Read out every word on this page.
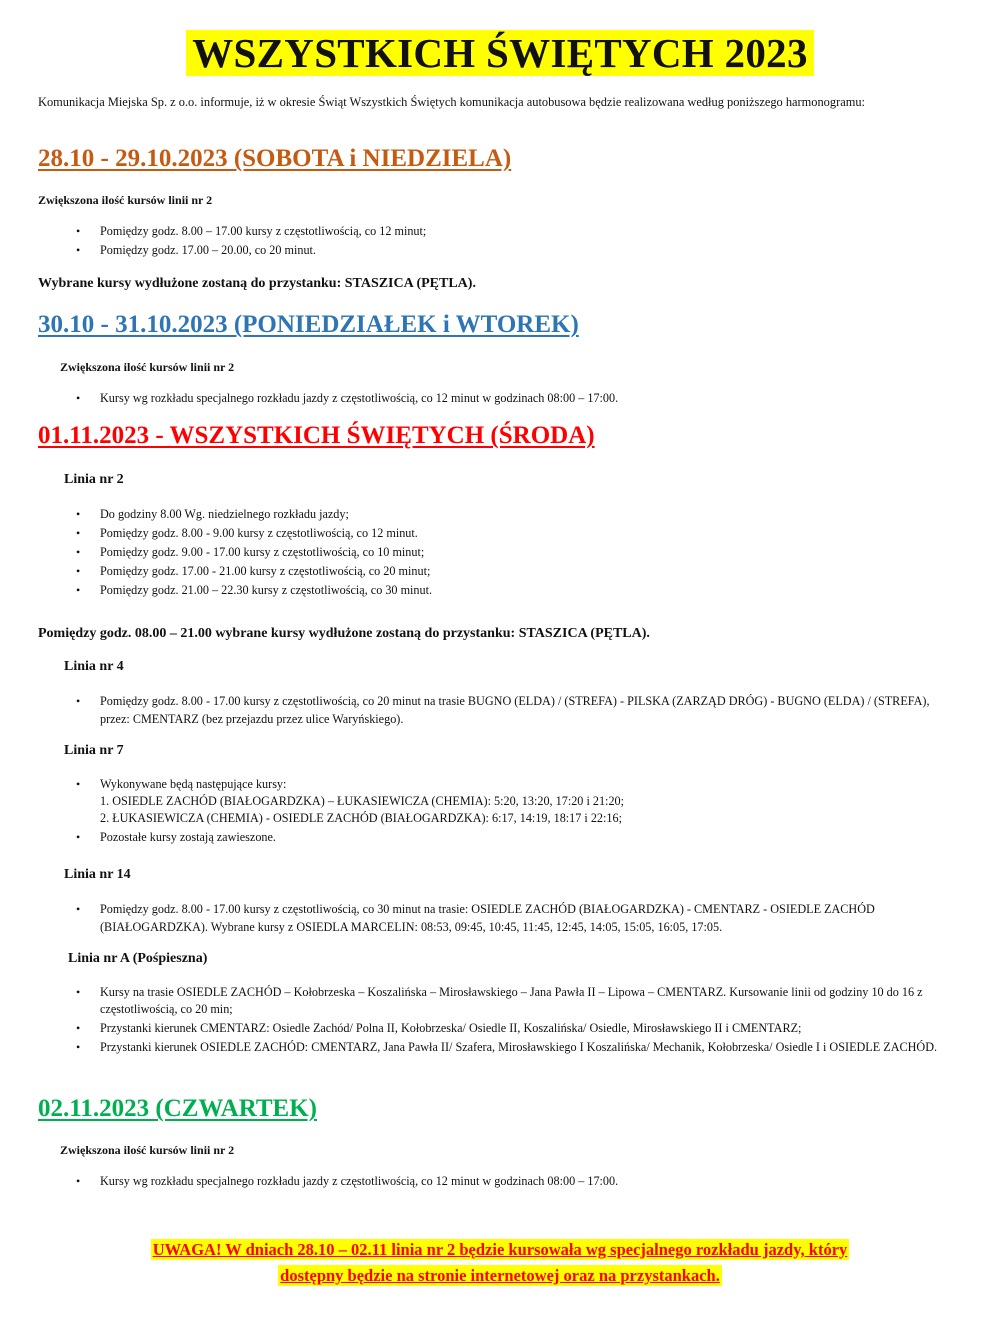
WSZYSTKICH ŚWIĘTYCH 2023
Komunikacja Miejska Sp. z o.o. informuje, iż w okresie Świąt Wszystkich Świętych komunikacja autobusowa będzie realizowana według poniższego harmonogramu:
28.10 - 29.10.2023 (SOBOTA i NIEDZIELA)
Zwiększona ilość kursów linii nr 2
• Pomiędzy godz. 8.00 – 17.00 kursy z częstotliwością, co 12 minut;
• Pomiędzy godz. 17.00 – 20.00, co 20 minut.
Wybrane kursy wydłużone zostaną do przystanku: STASZICA (PĘTLA).
30.10 - 31.10.2023 (PONIEDZIAŁEK i WTOREK)
Zwiększona ilość kursów linii nr 2
• Kursy wg rozkładu specjalnego rozkładu jazdy z częstotliwością, co 12 minut w godzinach 08:00 – 17:00.
01.11.2023 - WSZYSTKICH ŚWIĘTYCH (ŚRODA)
Linia nr 2
• Do godziny 8.00 Wg. niedzielnego rozkładu jazdy;
• Pomiędzy godz. 8.00 - 9.00 kursy z częstotliwością, co 12 minut.
• Pomiędzy godz. 9.00 - 17.00 kursy z częstotliwością, co 10 minut;
• Pomiędzy godz. 17.00 - 21.00 kursy z częstotliwością, co 20 minut;
• Pomiędzy godz. 21.00 – 22.30 kursy z częstotliwością, co 30 minut.
Pomiędzy godz. 08.00 – 21.00 wybrane kursy wydłużone zostaną do przystanku: STASZICA (PĘTLA).
Linia nr 4
• Pomiędzy godz. 8.00 - 17.00 kursy z częstotliwością, co 20 minut na trasie BUGNO (ELDA) / (STREFA) - PILSKA (ZARZĄD DRÓG) - BUGNO (ELDA) / (STREFA), przez: CMENTARZ (bez przejazdu przez ulice Waryńskiego).
Linia nr 7
• Wykonywane będą następujące kursy:
1. OSIEDLE ZACHÓD (BIAŁOGARDZKA) – ŁUKASIEWICZA (CHEMIA): 5:20, 13:20, 17:20 i 21:20;
2. ŁUKASIEWICZA (CHEMIA) - OSIEDLE ZACHÓD (BIAŁOGARDZKA): 6:17, 14:19, 18:17 i 22:16;
• Pozostałe kursy zostają zawieszone.
Linia nr 14
• Pomiędzy godz. 8.00 - 17.00 kursy z częstotliwością, co 30 minut na trasie: OSIEDLE ZACHÓD (BIAŁOGARDZKA) - CMENTARZ - OSIEDLE ZACHÓD (BIAŁOGARDZKA). Wybrane kursy z OSIEDLA MARCELIN: 08:53, 09:45, 10:45, 11:45, 12:45, 14:05, 15:05, 16:05, 17:05.
Linia nr A (Pośpieszna)
• Kursy na trasie OSIEDLE ZACHÓD – Kołobrzeska – Koszalińska – Mirosławskiego – Jana Pawła II – Lipowa – CMENTARZ. Kursowanie linii od godziny 10 do 16 z częstotliwością, co 20 min;
• Przystanki kierunek CMENTARZ: Osiedle Zachód/ Polna II, Kołobrzeska/ Osiedle II, Koszalińska/ Osiedle, Mirosławskiego II i CMENTARZ;
• Przystanki kierunek OSIEDLE ZACHÓD: CMENTARZ, Jana Pawła II/ Szafera, Mirosławskiego I Koszalińska/ Mechanik, Kołobrzeska/ Osiedle I i OSIEDLE ZACHÓD.
02.11.2023 (CZWARTEK)
Zwiększona ilość kursów linii nr 2
• Kursy wg rozkładu specjalnego rozkładu jazdy z częstotliwością, co 12 minut w godzinach 08:00 – 17:00.
UWAGA! W dniach 28.10 – 02.11 linia nr 2 będzie kursowała wg specjalnego rozkładu jazdy, który
dostępny będzie na stronie internetowej oraz na przystankach.
